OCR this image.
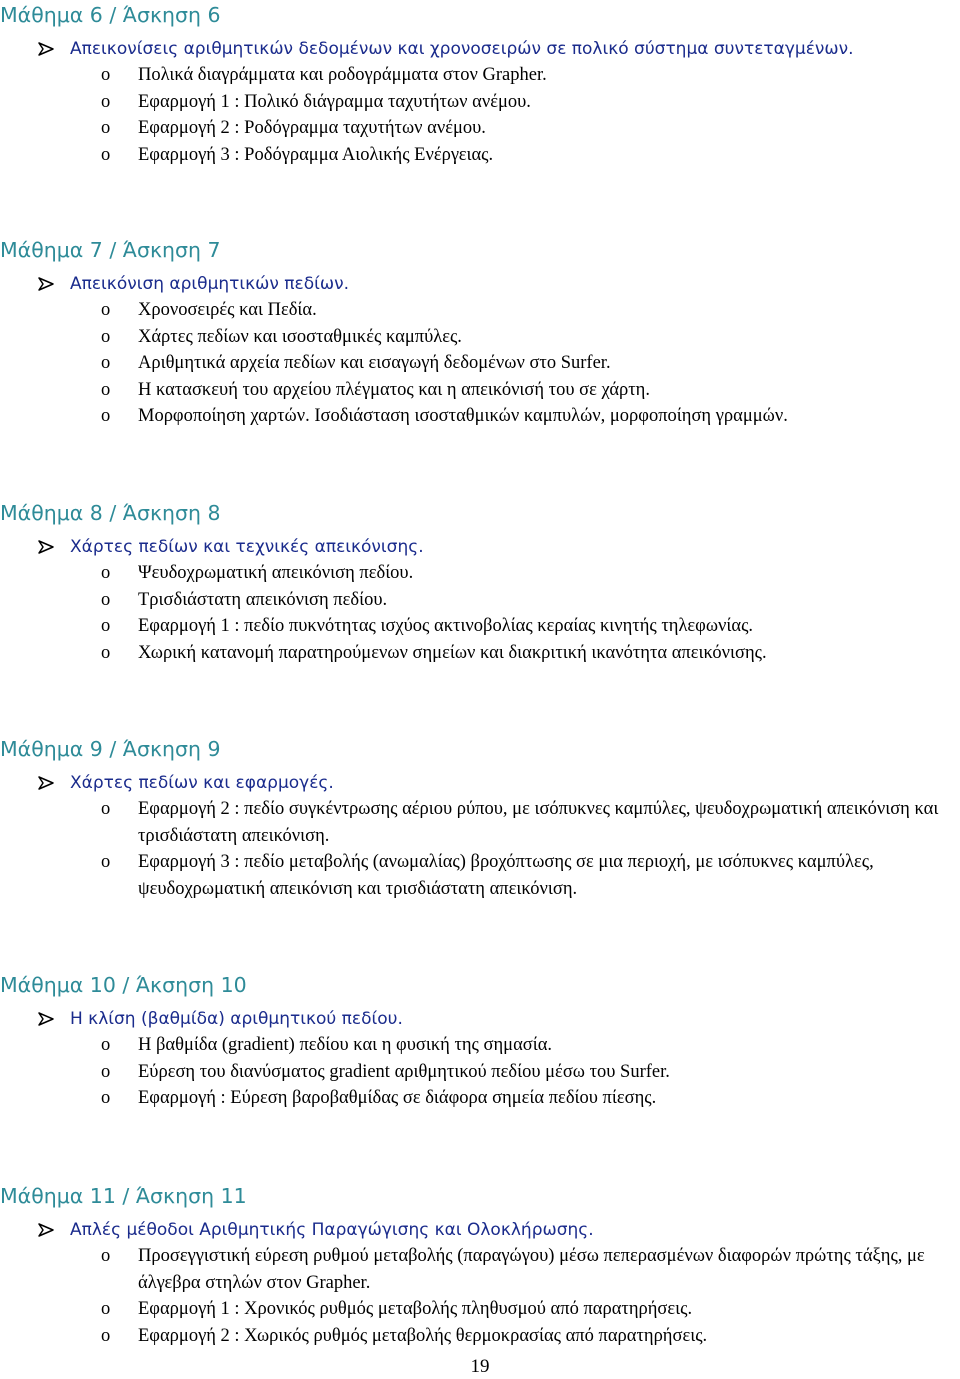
Μάθημα 6 / Άσκηση 6
Απεικονίσεις αριθμητικών δεδομένων και χρονοσειρών σε πολικό σύστημα συντεταγμένων.
o Πολικά διαγράμματα και ροδογράμματα στον Grapher.
o Εφαρμογή 1 : Πολικό διάγραμμα ταχυτήτων ανέμου.
o Εφαρμογή 2 : Ροδόγραμμα ταχυτήτων ανέμου.
o Εφαρμογή 3 : Ροδόγραμμα Αιολικής Ενέργειας.
Μάθημα 7 / Άσκηση 7
Απεικόνιση αριθμητικών πεδίων.
o Χρονοσειρές και Πεδία.
o Χάρτες πεδίων και ισοσταθμικές καμπύλες.
o Αριθμητικά αρχεία πεδίων και εισαγωγή δεδομένων στο Surfer.
o Η κατασκευή του αρχείου πλέγματος και η απεικόνισή του σε χάρτη.
o Μορφοποίηση χαρτών. Ισοδιάσταση ισοσταθμικών καμπυλών, μορφοποίηση γραμμών.
Μάθημα 8 / Άσκηση 8
Χάρτες πεδίων και τεχνικές απεικόνισης.
o Ψευδοχρωματική απεικόνιση πεδίου.
o Τρισδιάστατη απεικόνιση πεδίου.
o Εφαρμογή 1 : πεδίο πυκνότητας ισχύος ακτινοβολίας κεραίας κινητής τηλεφωνίας.
o Χωρική κατανομή παρατηρούμενων σημείων και διακριτική ικανότητα απεικόνισης.
Μάθημα 9 / Άσκηση 9
Χάρτες πεδίων και εφαρμογές.
o Εφαρμογή 2 : πεδίο συγκέντρωσης αέριου ρύπου, με ισόπυκνες καμπύλες, ψευδοχρωματική απεικόνιση και τρισδιάστατη απεικόνιση.
o Εφαρμογή 3 : πεδίο μεταβολής (ανωμαλίας) βροχόπτωσης σε μια περιοχή, με ισόπυκνες καμπύλες, ψευδοχρωματική απεικόνιση και τρισδιάστατη απεικόνιση.
Μάθημα 10 / Άκσηση 10
Η κλίση (βαθμίδα) αριθμητικού πεδίου.
o Η βαθμίδα (gradient) πεδίου και η φυσική της σημασία.
o Εύρεση του διανύσματος gradient αριθμητικού πεδίου μέσω του Surfer.
o Εφαρμογή : Εύρεση βαροβαθμίδας σε διάφορα σημεία πεδίου πίεσης.
Μάθημα 11 / Άσκηση 11
Απλές μέθοδοι Αριθμητικής Παραγώγισης και Ολοκλήρωσης.
o Προσεγγιστική εύρεση ρυθμού μεταβολής (παραγώγου) μέσω πεπερασμένων διαφορών πρώτης τάξης, με άλγεβρα στηλών στον Grapher.
o Εφαρμογή 1 : Χρονικός ρυθμός μεταβολής πληθυσμού από παρατηρήσεις.
o Εφαρμογή 2 : Χωρικός ρυθμός μεταβολής θερμοκρασίας από παρατηρήσεις.
19
